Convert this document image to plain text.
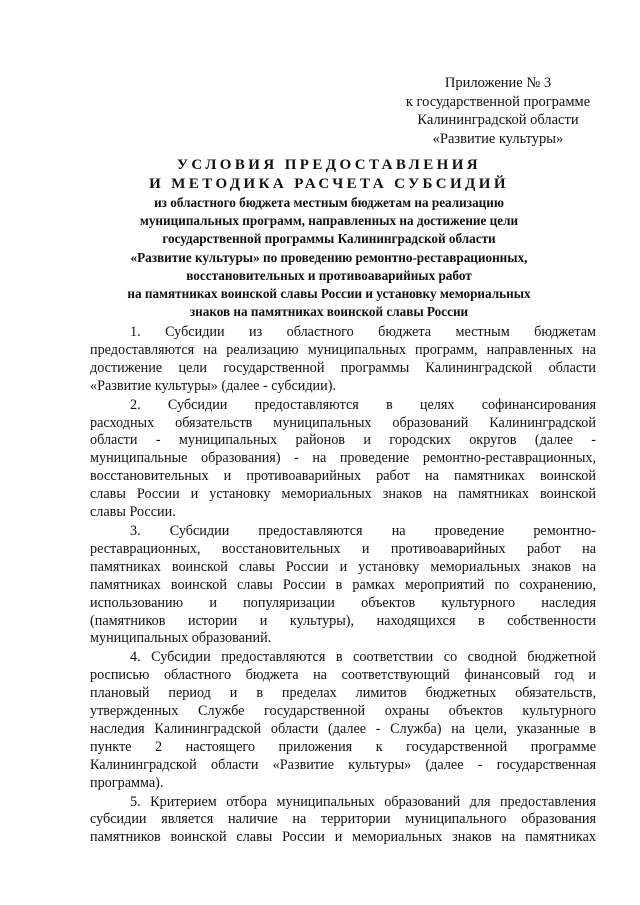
Приложение № 3
к государственной программе
Калининградской области
«Развитие культуры»
УСЛОВИЯ ПРЕДОСТАВЛЕНИЯ
И МЕТОДИКА РАСЧЕТА СУБСИДИЙ
из областного бюджета местным бюджетам на реализацию
муниципальных программ, направленных на достижение цели
государственной программы Калининградской области
«Развитие культуры» по проведению ремонтно-реставрационных,
восстановительных и противоаварийных работ
на памятниках воинской славы России и установку мемориальных
знаков на памятниках воинской славы России

1. Субсидии из областного бюджета местным бюджетам
предоставляются на реализацию муниципальных программ, направленных на
достижение цели государственной программы Калининградской области
«Развитие культуры» (далее - субсидии).

2. Субсидии предоставляются в целях софинансирования
расходных обязательств муниципальных образований Калининградской
области - муниципальных районов и городских округов (далее -
муниципальные образования) - на проведение ремонтно-реставрационных,
восстановительных и противоаварийных работ на памятниках воинской
славы России и установку мемориальных знаков на памятниках воинской
славы России.

3. Субсидии предоставляются на проведение ремонтно-
реставрационных, восстановительных и противоаварийных работ на
памятниках воинской славы России и установку мемориальных знаков на
памятниках воинской славы России в рамках мероприятий по сохранению,
использованию и популяризации объектов культурного наследия
(памятников истории и культуры), находящихся в собственности
муниципальных образований.

4. Субсидии предоставляются в соответствии со сводной бюджетной
росписью областного бюджета на соответствующий финансовый год и
плановый период и в пределах лимитов бюджетных обязательств,
утвержденных Службе государственной охраны объектов культурного
наследия Калининградской области (далее - Служба) на цели, указанные в
пункте 2 настоящего приложения к государственной программе
Калининградской области «Развитие культуры» (далее - государственная
программа).

5. Критерием отбора муниципальных образований для предоставления
субсидии является наличие на территории муниципального образования
памятников воинской славы России и мемориальных знаков на памятниках
